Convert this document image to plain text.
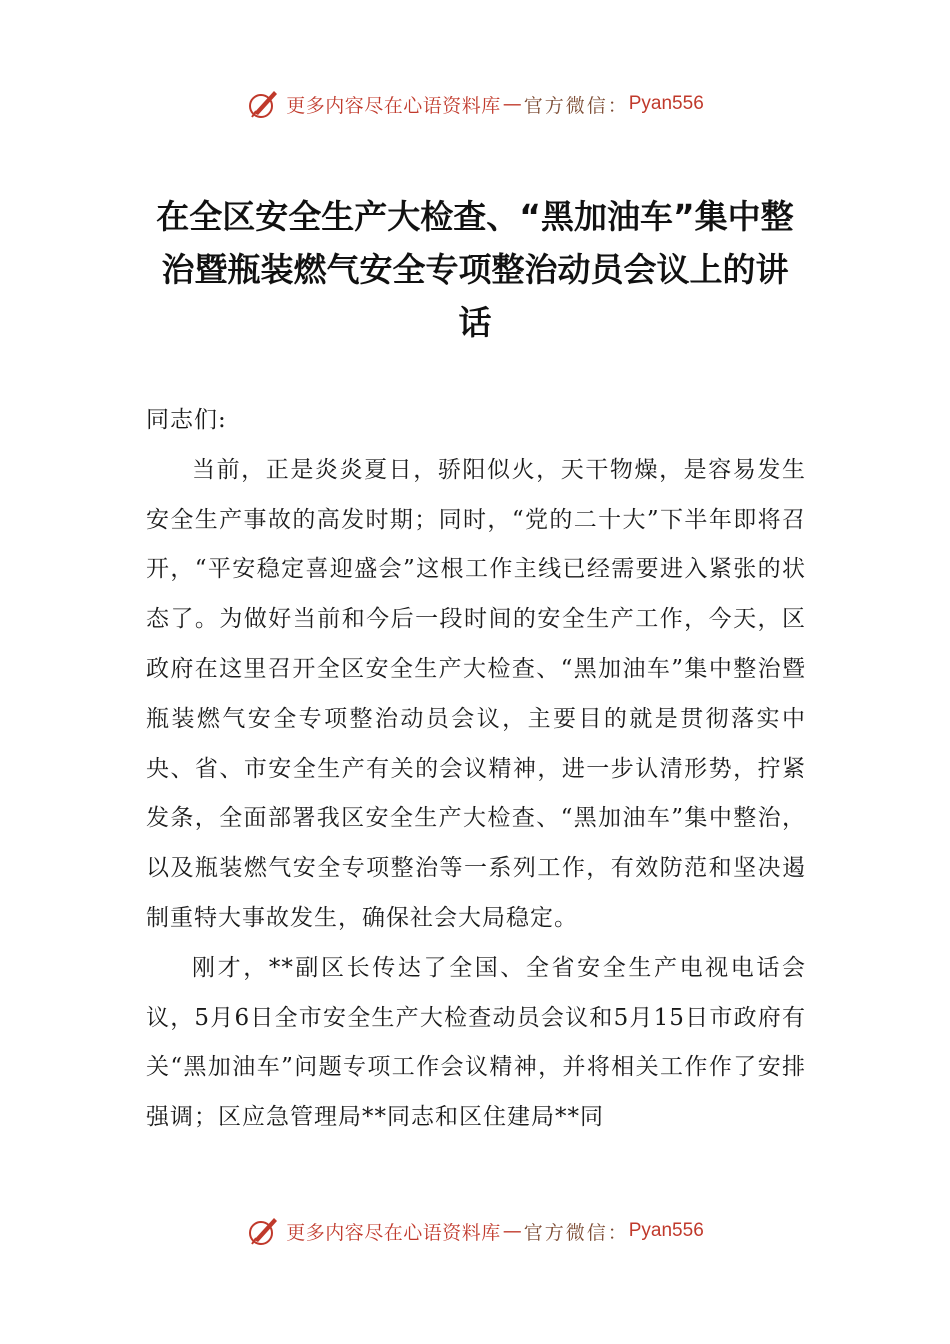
更多内容尽在心语资料库 — 官方微信： Pyan556
在全区安全生产大检查、“黑加油车”集中整治暨瓶装燃气安全专项整治动员会议上的讲话

同志们:

当前，正是炎炎夏日，骄阳似火，天干物燥，是容易发生安全生产事故的高发时期；同时，“党的二十大”下半年即将召开，“平安稳定喜迎盛会”这根工作主线已经需要进入紧张的状态了。为做好当前和今后一段时间的安全生产工作，今天，区政府在这里召开全区安全生产大检查、“黑加油车”集中整治暨瓶装燃气安全专项整治动员会议，主要目的就是贯彻落实中央、省、市安全生产有关的会议精神，进一步认清形势，拧紧发条，全面部署我区安全生产大检查、“黑加油车”集中整治，以及瓶装燃气安全专项整治等一系列工作，有效防范和坚决遏制重特大事故发生，确保社会大局稳定。

刚才，**副区长传达了全国、全省安全生产电视电话会议，5月6日全市安全生产大检查动员会议和5月15日市政府有关“黑加油车”问题专项工作会议精神，并将相关工作作了安排强调；区应急管理局**同志和区住建局**同

更多内容尽在心语资料库 — 官方微信： Pyan556
